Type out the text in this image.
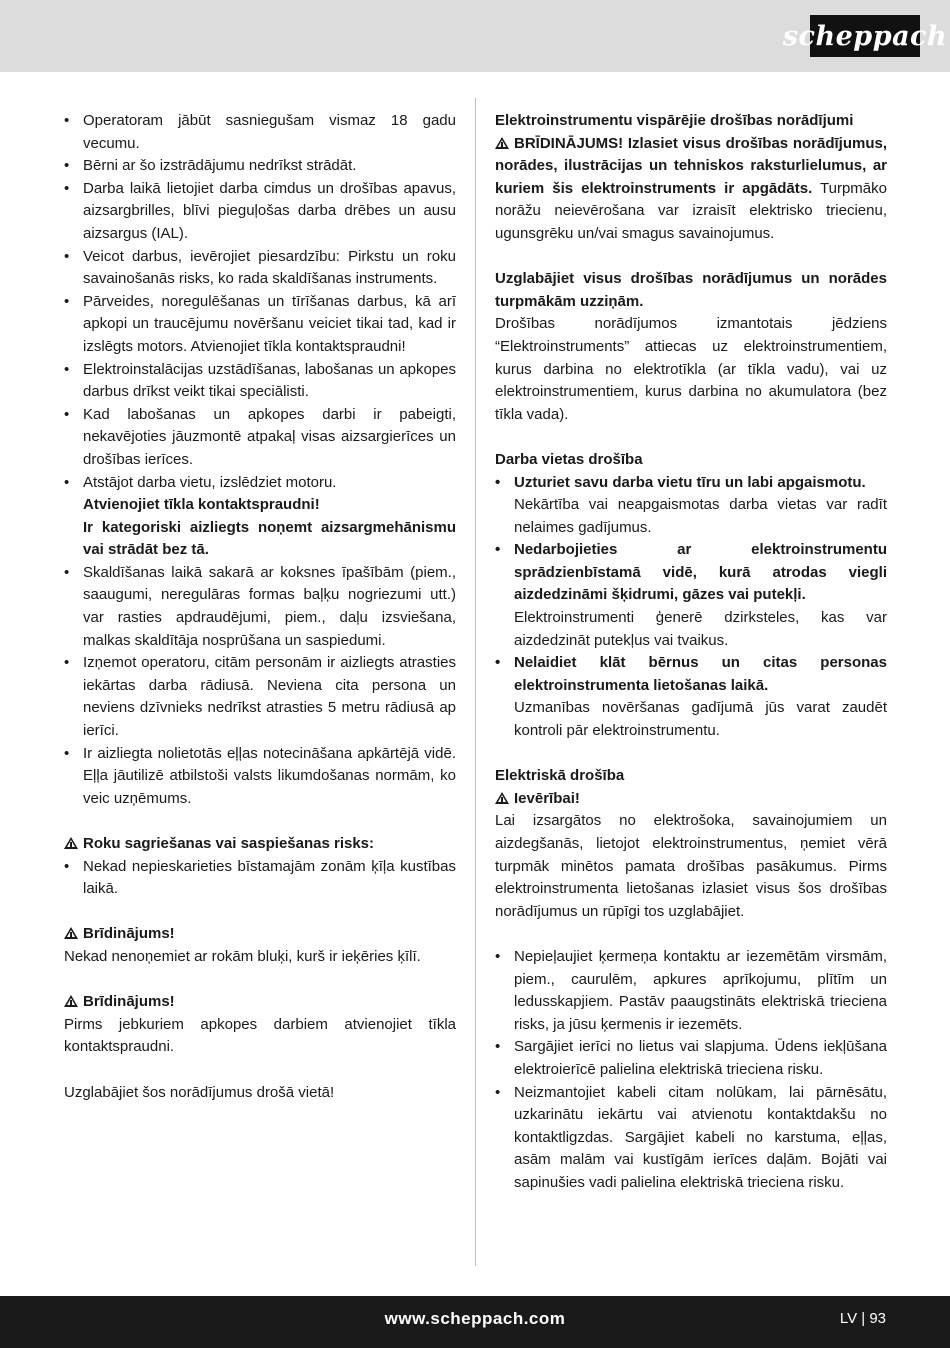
scheppach
• Operatoram jābūt sasniegušam vismaz 18 gadu vecumu.
• Bērni ar šo izstrādājumu nedrīkst strādāt.
• Darba laikā lietojiet darba cimdus un drošības apavus, aizsargbrilles, blīvi pieguļošas darba drēbes un ausu aizsargus (IAL).
• Veicot darbus, ievērojiet piesardzību: Pirkstu un roku savainošanās risks, ko rada skaldīšanas instruments.
• Pārveides, noregulēšanas un tīrīšanas darbus, kā arī apkopi un traucējumu novēršanu veiciet tikai tad, kad ir izslēgts motors. Atvienojiet tīkla kontaktspraudni!
• Elektroinstalācijas uzstādīšanas, labošanas un apkopes darbus drīkst veikt tikai speciālisti.
• Kad labošanas un apkopes darbi ir pabeigti, nekavējoties jāuzmontē atpakaļ visas aizsargierīces un drošības ierīces.
• Atstājot darba vietu, izslēdziet motoru.
Atvienojiet tīkla kontaktspraudni!
Ir kategoriski aizliegts noņemt aizsargmehānismu vai strādāt bez tā.
• Skaldīšanas laikā sakarā ar koksnes īpašībām (piem., saaugumi, neregulāras formas baļķu nogriezumi utt.) var rasties apdraudējumi, piem., daļu izsviešana, malkas skaldītāja nosprūšana un saspiedumi.
• Izņemot operatoru, citām personām ir aizliegts atrasties iekārtas darba rādiusā. Neviena cita persona un neviens dzīvnieks nedrīkst atrasties 5 metru rādiusā ap ierīci.
• Ir aizliegta nolietotās eļļas notecināšana apkārtējā vidē. Eļļa jāutilizē atbilstoši valsts likumdošanas normām, ko veic uzņēmums.

Roku sagriešanas vai saspiešanas risks:

• Nekad nepieskarieties bīstamajām zonām ķīļa kustības laikā.

Brīdinājums!

Nekad nenoņemiet ar rokām bluķi, kurš ir ieķēries ķīlī.

Brīdinājums!

Pirms jebkuriem apkopes darbiem atvienojiet tīkla kontaktspraudni.

Uzglabājiet šos norādījumus drošā vietā!

Elektroinstrumentu vispārējie drošības norādījumi

BRĪDINĀJUMS! Izlasiet visus drošības norādījumus, norādes, ilustrācijas un tehniskos raksturlielumus, ar kuriem šis elektroinstruments ir apgādāts. Turpmāko norāžu neievērošana var izraisīt elektrisko triecienu, ugunsgrēku un/vai smagus savainojumus.

Uzglabājiet visus drošības norādījumus un norādes turpmākām uzziņām.

Drošības norādījumos izmantotais jēdziens “Elektroinstruments” attiecas uz elektroinstrumentiem, kurus darbina no elektrotīkla (ar tīkla vadu), vai uz elektroinstrumentiem, kurus darbina no akumulatora (bez tīkla vada).

Darba vietas drošība

• Uzturiet savu darba vietu tīru un labi apgaismotu.
Nekārtība vai neapgaismotas darba vietas var radīt nelaimes gadījumus.
• Nedarbojieties ar elektroinstrumentu sprādzienbīstamā vidē, kurā atrodas viegli aizdedzināmi šķidrumi, gāzes vai putekļi.
Elektroinstrumenti ģenerē dzirksteles, kas var aizdedzināt putekļus vai tvaikus.
• Nelaidiet klāt bērnus un citas personas elektroinstrumenta lietošanas laikā.
Uzmanības novēršanas gadījumā jūs varat zaudēt kontroli pār elektroinstrumentu.

Elektriskā drošība

Ievērībai!

Lai izsargātos no elektrošoka, savainojumiem un aizdegšanās, lietojot elektroinstrumentus, ņemiet vērā turpmāk minētos pamata drošības pasākumus. Pirms elektroinstrumenta lietošanas izlasiet visus šos drošības norādījumus un rūpīgi tos uzglabājiet.

• Nepieļaujiet ķermeņa kontaktu ar iezemētām virsmām, piem., caurulēm, apkures aprīkojumu, plītīm un ledusskapjiem. Pastāv paaugstināts elektriskā trieciena risks, ja jūsu ķermenis ir iezemēts.
• Sargājiet ierīci no lietus vai slapjuma. Ūdens iekļūšana elektroierīcē palielina elektriskā trieciena risku.
• Neizmantojiet kabeli citam nolūkam, lai pārnēsātu, uzkarinātu iekārtu vai atvienotu kontaktdakšu no kontaktligzdas. Sargājiet kabeli no karstuma, eļļas, asām malām vai kustīgām ierīces daļām. Bojāti vai sapinušies vadi palielina elektriskā trieciena risku.
www.scheppach.com	LV | 93
